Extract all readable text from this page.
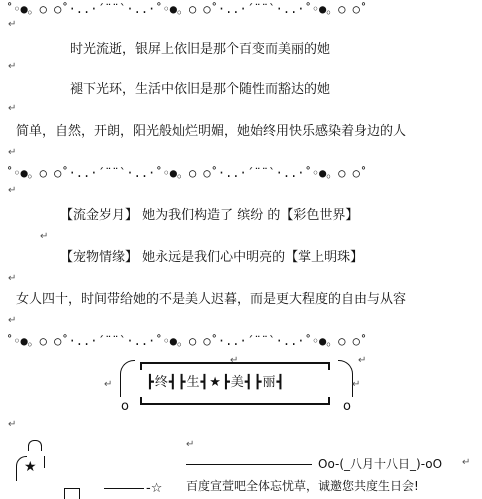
˚◦●。○ ○˚·..·´¨¨`·..·˚◦●。○ ○˚·..·´¨¨`·..·˚◦●。○ ○˚
↵
时光流逝，银屏上依旧是那个百变而美丽的她
↵
褪下光环，生活中依旧是那个随性而豁达的她
↵
简单，自然，开朗，阳光般灿烂明媚，她始终用快乐感染着身边的人
↵
˚◦●。○ ○˚·..·´¨¨`·..·˚◦●。○ ○˚·..·´¨¨`·..·˚◦●。○ ○˚
↵
【流金岁月】 她为我们构造了 缤纷 的【彩色世界】
↵
【宠物情缘】 她永远是我们心中明亮的【掌上明珠】
↵
女人四十，时间带给她的不是美人迟暮，而是更大程度的自由与从容
↵
˚◦●。○ ○˚·..·´¨¨`·..·˚◦●。○ ○˚·..·´¨¨`·..·˚◦●。○ ○˚
┣终┫┣生┫★┣美┫┣丽┫
o	o
↵
↵
↵
↵
↵
★
-☆
↵
Oo-(_八月十八日_)-oO ↵
百度宣萱吧全体忘忧草，诚邀您共度生日会!
